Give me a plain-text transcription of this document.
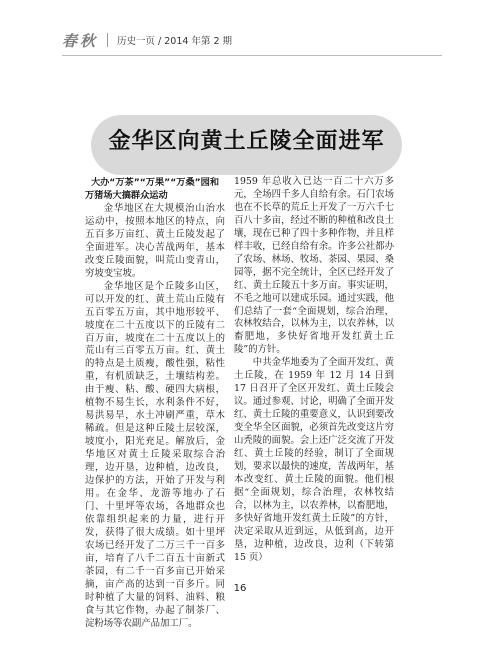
春秋 历史一页 / 2014 年第 2 期
金华区向黄土丘陵全面进军
大办“万茶”“万果”“万桑”园和
万猪场大搞群众运动

金华地区在大规模治山治水运动中，按照本地区的特点，向五百多万亩红、黄土丘陵发起了全面进军。决心苦战两年，基本改变丘陵面貌，叫荒山变青山，穷坡变宝坡。

金华地区是个丘陵多山区，可以开发的红、黄土荒山丘陵有五百零五万亩，其中地形较平、坡度在二十五度以下的丘陵有二百万亩，坡度在二十五度以上的荒山有三百零五万亩。红、黄土的特点是土质瘦，酸性强，粘性重，有机质缺乏，土壤结构差。由于瘦、粘、酸、硬四大病根，植物不易生长，水利条件不好，易洪易旱，水土冲刷严重，草木稀疏。但是这种丘陵土层较深，坡度小，阳光充足。解放后，金华地区对黄土丘陵采取综合治理，边开垦，边种植，边改良，边保护的方法，开始了开发与利用。在金华、龙游等地办了石门、十里坪等农场，各地群众也依靠组织起来的力量，进行开发，获得了很大成绩。如十里坪农场已经开发了二万三千一百多亩，培育了八千二百五十亩新式茶园，有二千一百多亩已开始采摘，亩产高的达到一百多斤。同时种植了大量的饲料、油料、粮食与其它作物，办起了制茶厂、淀粉场等农副产品加工厂。

1959 年总收入已达一百二十六万多元，全场四千多人自给有余。石门农场也在不长草的荒丘上开发了一万六千七百八十多亩，经过不断的种植和改良土壤，现在已种了四十多种作物，并且样样丰收，已经自给有余。许多公社都办了农场、林场、牧场、茶园、果园、桑园等，据不完全统计，全区已经开发了红、黄土丘陵五十多万亩。事实证明，不毛之地可以建成乐园。通过实践，他们总结了一套“全面规划，综合治理，农林牧结合，以林为主，以农养林，以畜肥地，多快好省地开发红黄土丘陵”的方针。

中共金华地委为了全面开发红、黄土丘陵，在 1959 年 12 月 14 日到 17 日召开了全区开发红、黄土丘陵会议。通过参观、讨论，明确了全面开发红、黄土丘陵的重要意义，认识到要改变全华全区面貌，必须首先改变这片穷山秃陵的面貌。会上还广泛交流了开发红、黄土丘陵的经验，制订了全面规划，要求以最快的速度，苦战两年，基本改变红、黄土丘陵的面貌。他们根据“全面规划，综合治理，农林牧结合，以林为主，以农养林，以畜肥地，多快好省地开发红黄土丘陵”的方针，决定采取从近到远，从低到高，边开垦，边种植，边改良，边利（下转第 15 页）

16
